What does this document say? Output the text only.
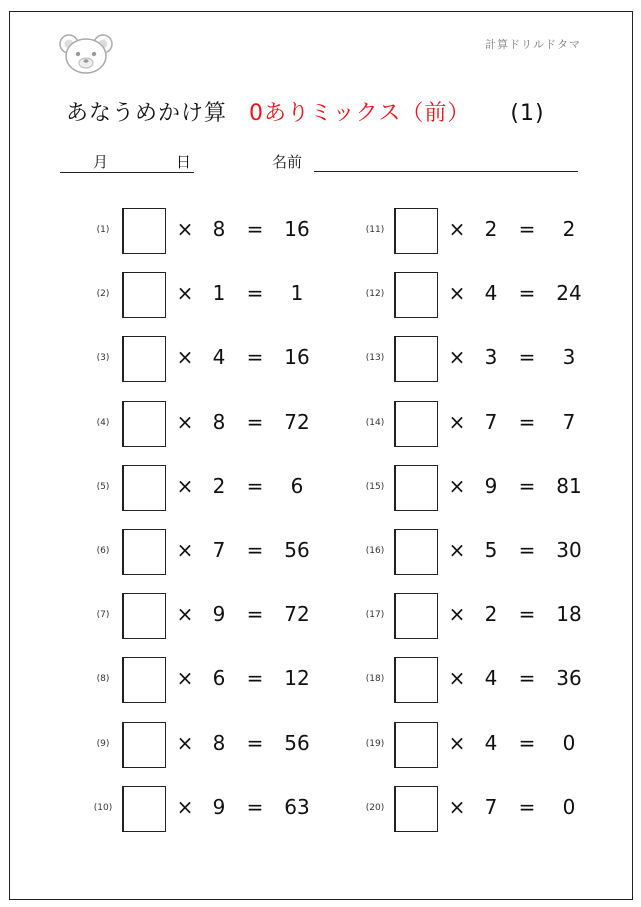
計算ドリルドタマ
あなうめかけ算 0ありミックス（前） (1)
月	日	名前
(1)	× 8	=	16
(2)	× 1	=	1
(3)	× 4	=	16
(4)	× 8	=	72
(5)	× 2	=	6
(6)	× 7	=	56
(7)	× 9	=	72
(8)	× 6	=	12
(9)	× 8	=	56
(10)	× 9	=	63
(11)	× 2	=	2
(12)	× 4	=	24
(13)	× 3	=	3
(14)	× 7	=	7
(15)	× 9	=	81
(16)	× 5	=	30
(17)	× 2	=	18
(18)	× 4	=	36
(19)	× 4	=	0
(20)	× 7	=	0
